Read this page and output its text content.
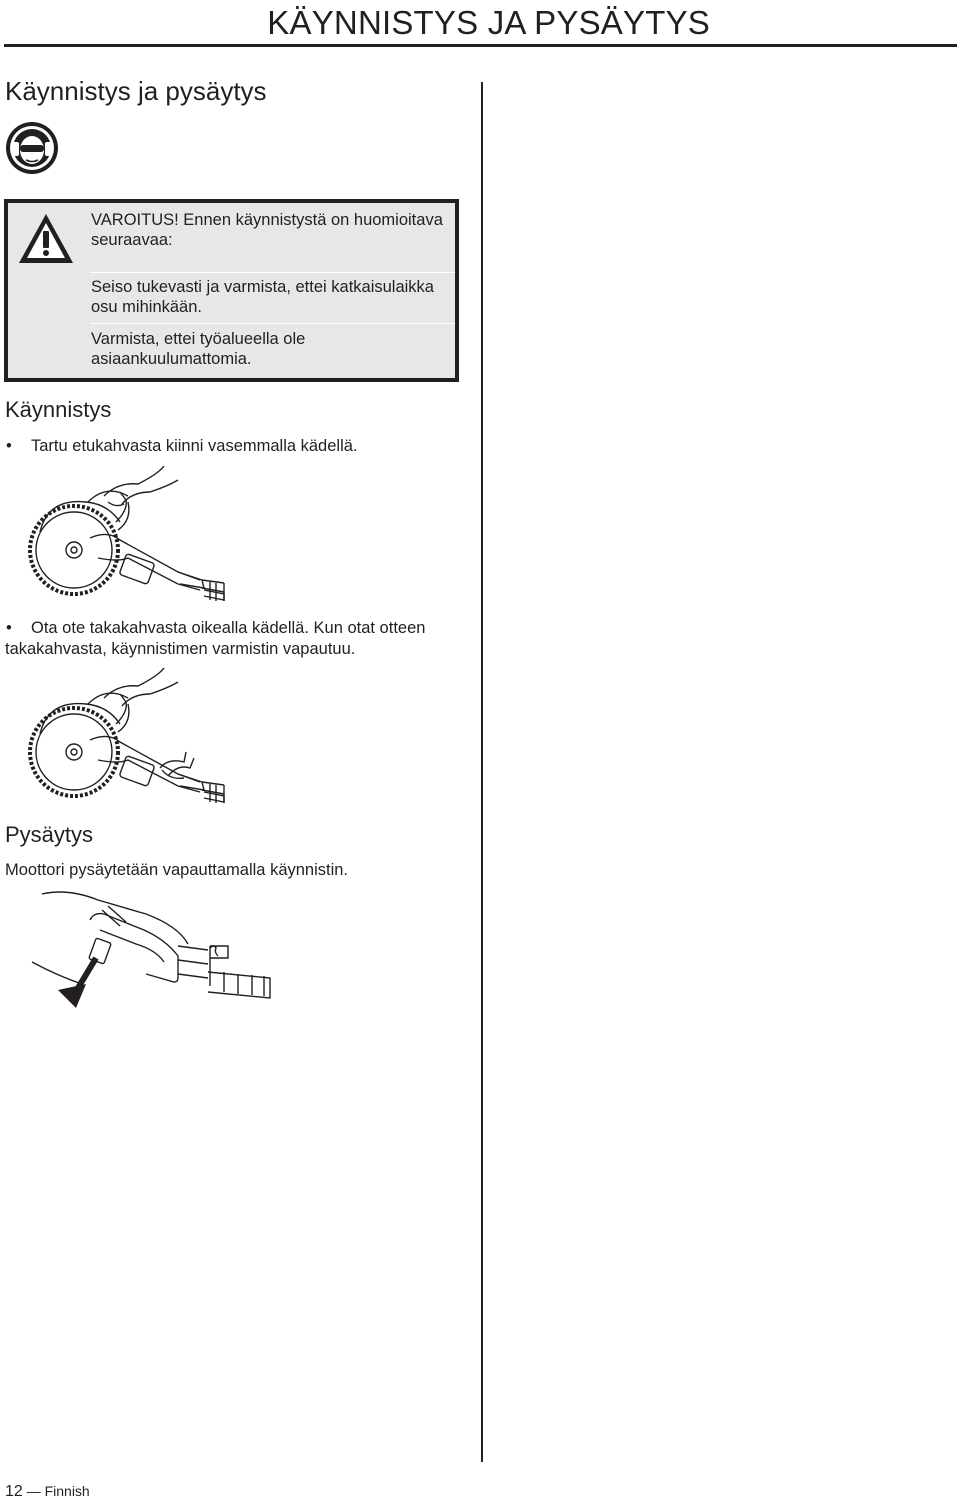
KÄYNNISTYS JA PYSÄYTYS
Käynnistys ja pysäytys
VAROITUS! Ennen käynnistystä on huomioitava seuraavaa:
Seiso tukevasti ja varmista, ettei katkaisulaikka osu mihinkään.
Varmista, ettei työalueella ole asiaankuulumattomia.
Käynnistys
•	Tartu etukahvasta kiinni vasemmalla kädellä.
•	Ota ote takakahvasta oikealla kädellä. Kun otat otteen takakahvasta, käynnistimen varmistin vapautuu.
Pysäytys
Moottori pysäytetään vapauttamalla käynnistin.
12 — Finnish
